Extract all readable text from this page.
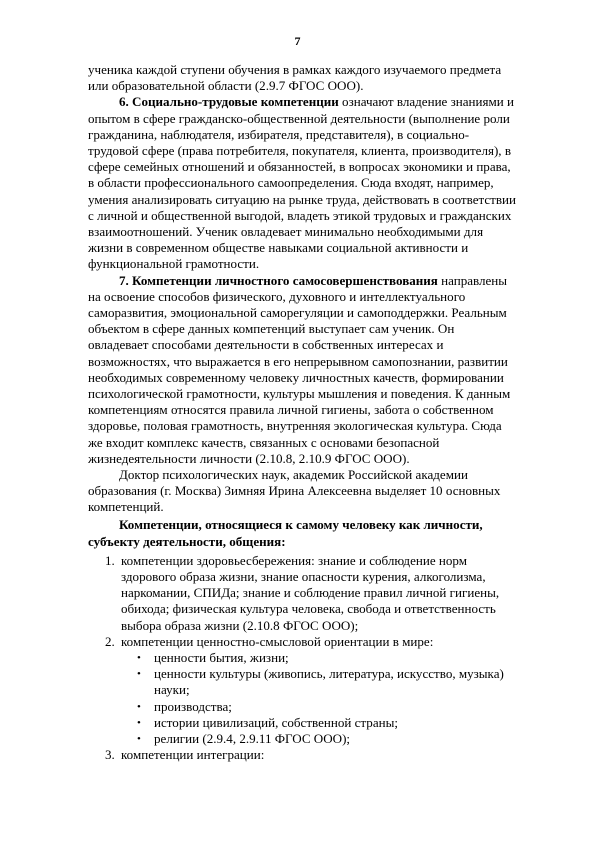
7

ученика каждой ступени обучения в рамках каждого изучаемого предмета или образовательной области (2.9.7 ФГОС ООО).

6. Социально-трудовые компетенции означают владение знаниями и опытом в сфере гражданско-общественной деятельности (выполнение роли гражданина, наблюдателя, избирателя, представителя), в социально-трудовой сфере (права потребителя, покупателя, клиента, производителя), в сфере семейных отношений и обязанностей, в вопросах экономики и права, в области профессионального самоопределения. Сюда входят, например, умения анализировать ситуацию на рынке труда, действовать в соответствии с личной и общественной выгодой, владеть этикой трудовых и гражданских взаимоотношений. Ученик овладевает минимально необходимыми для жизни в современном обществе навыками социальной активности и функциональной грамотности.

7. Компетенции личностного самосовершенствования направлены на освоение способов физического, духовного и интеллектуального саморазвития, эмоциональной саморегуляции и самоподдержки. Реальным объектом в сфере данных компетенций выступает сам ученик. Он овладевает способами деятельности в собственных интересах и возможностях, что выражается в его непрерывном самопознании, развитии необходимых современному человеку личностных качеств, формировании психологической грамотности, культуры мышления и поведения. К данным компетенциям относятся правила личной гигиены, забота о собственном здоровье, половая грамотность, внутренняя экологическая культура. Сюда же входит комплекс качеств, связанных с основами безопасной жизнедеятельности личности (2.10.8, 2.10.9 ФГОС ООО).

Доктор психологических наук, академик Российской академии образования (г. Москва) Зимняя Ирина Алексеевна выделяет 10 основных компетенций.

Компетенции, относящиеся к самому человеку как личности, субъекту деятельности, общения:

1. компетенции здоровьесбережения: знание и соблюдение норм здорового образа жизни, знание опасности курения, алкоголизма, наркомании, СПИДа; знание и соблюдение правил личной гигиены, обихода; физическая культура человека, свобода и ответственность выбора образа жизни (2.10.8 ФГОС ООО);
2. компетенции ценностно-смысловой ориентации в мире:
• ценности бытия, жизни;
• ценности культуры (живопись, литература, искусство, музыка) науки;
• производства;
• истории цивилизаций, собственной страны;
• религии (2.9.4, 2.9.11 ФГОС ООО);
3. компетенции интеграции:
